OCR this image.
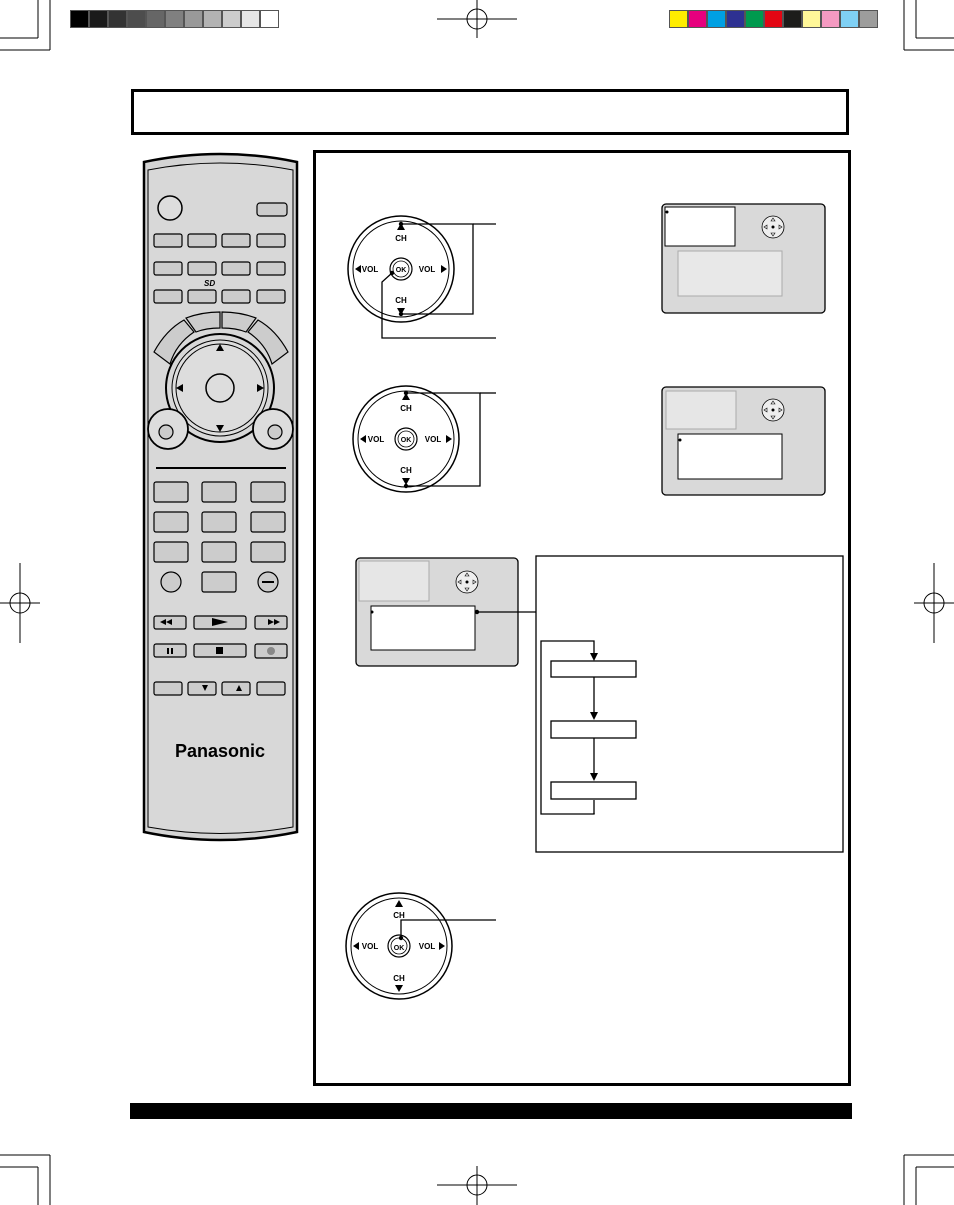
SD
Panasonic
CH
CH
VOL	VOL
OK
CH
CH
VOL	VOL
OK
CH
CH
VOL	VOL
OK
